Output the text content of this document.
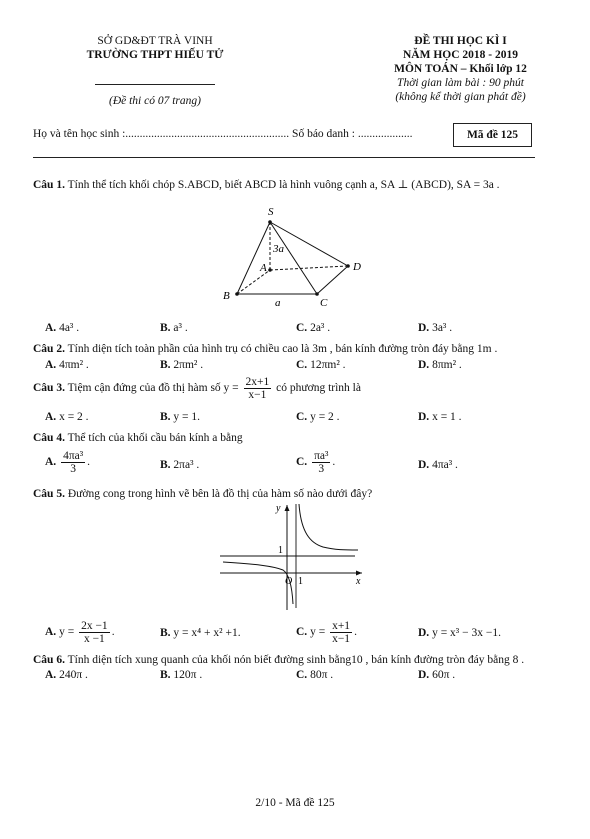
SỞ GD&ĐT TRÀ VINH
TRƯỜNG THPT HIẾU TỬ
(Đề thi có 07 trang)
ĐỀ THI HỌC KÌ I
NĂM HỌC 2018 - 2019
MÔN TOÁN – Khối lớp 12
Thời gian làm bài : 90 phút
(không kể thời gian phát đề)
Họ và tên học sinh :......................................................... Số báo danh : ...................	Mã đề 125
Câu 1. Tính thể tích khối chóp S.ABCD, biết ABCD là hình vuông cạnh a, SA ⊥ (ABCD), SA = 3a .
S
A
B
C
D
3a
a
A. 4a³ .	B. a³ .	C. 2a³ .	D. 3a³ .
Câu 2. Tính diện tích toàn phần của hình trụ có chiều cao là 3m , bán kính đường tròn đáy bằng 1m .
A. 4πm² .	B. 2πm² .	C. 12πm² .	D. 8πm² .
Câu 3. Tiệm cận đứng của đồ thị hàm số $y = \frac{2x+1}{x-1}$ có phương trình là
A. x = 2 .	B. y = 1.	C. y = 2 .	D. x = 1 .
Câu 4. Thể tích của khối cầu bán kính a bằng
A. $\frac{\text{4πa³}}{3}$ .	B. 2πa³ .	C. $\frac{\text{πa³}}{3}$ .	D. 4πa³ .
Câu 5. Đường cong trong hình vẽ bên là đồ thị của hàm số nào dưới đây?
y
x
1
O 1
A. $y = \frac{2x -1}{x -1}$ .	B. y = x⁴ + x² +1.	C. $y = \frac{x+1}{x-1}$ .	D. y = x³ − 3x −1.
Câu 6. Tính diện tích xung quanh của khối nón biết đường sinh bằng10 , bán kính đường tròn đáy bằng 8 .
A. 240π .	B. 120π .	C. 80π .	D. 60π .
2/10 - Mã đề 125
